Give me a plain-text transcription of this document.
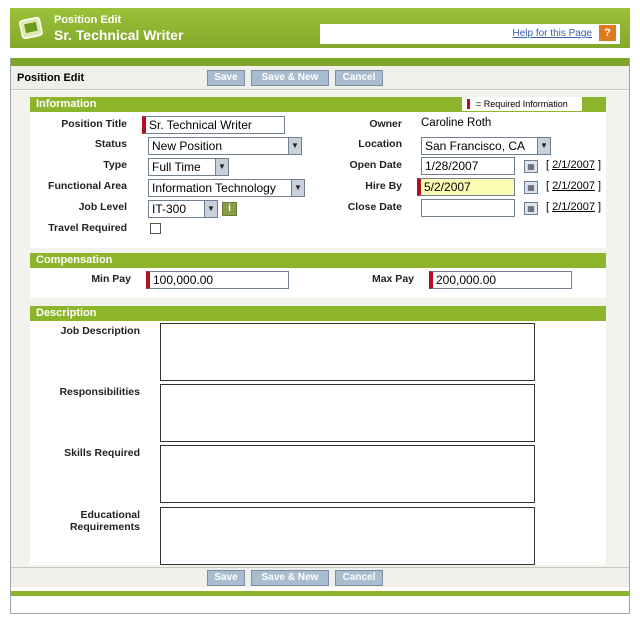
Position Edit
Sr. Technical Writer	Help for this Page	?
Position Edit	Save	Save & New	Cancel
Information	= Required Information
Position Title	Sr. Technical Writer
Status	New Position	▼
Type	Full Time	▼
Functional Area	Information Technology	▼
Job Level	IT-300	▼	i
Travel Required
Owner Caroline Roth
Location	San Francisco, CA	▼
Open Date	1/28/2007	▦ [ 2/1/2007 ]
Hire By	5/2/2007	▦ [ 2/1/2007 ]
Close Date	▦ [ 2/1/2007 ]
Compensation
Min Pay	100,000.00	Max Pay	200,000.00
Description
Job Description
Responsibilities
Skills Required
Educational
Requirements
Save	Save & New	Cancel
